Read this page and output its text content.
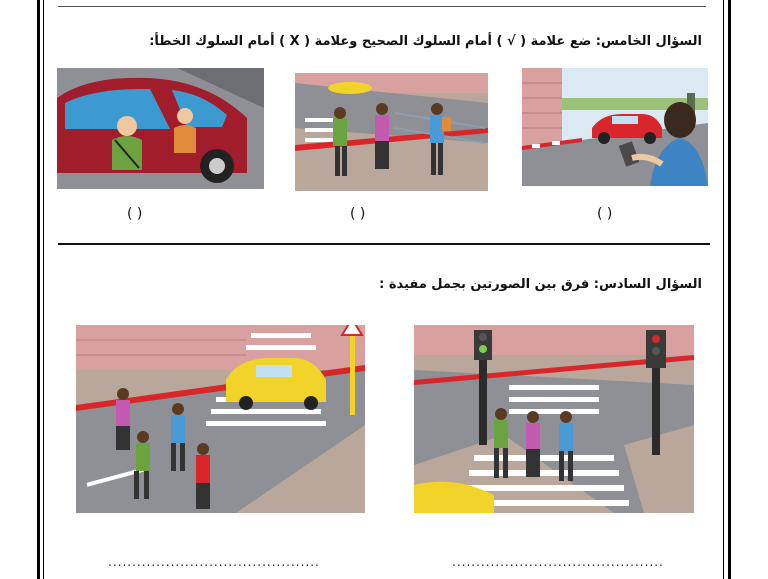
السؤال الخامس: ضع علامة ( √ ) أمام السلوك الصحيح وعلامة ( X ) أمام السلوك الخطأ:
( )
( )
( )
السؤال السادس: فرق بين الصورتين بجمل مفيدة :
............................................	............................................
